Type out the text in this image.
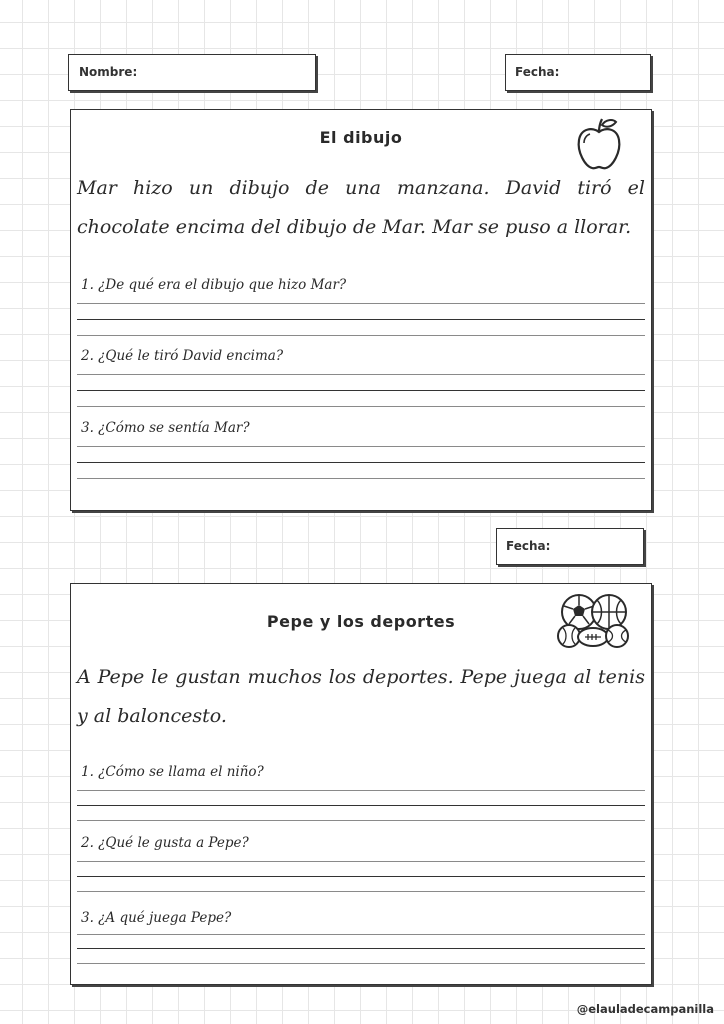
Nombre:	Fecha:
El dibujo
Mar hizo un dibujo de una manzana. David tiró el chocolate encima del dibujo de Mar. Mar se puso a llorar.
1. ¿De qué era el dibujo que hizo Mar?
2. ¿Qué le tiró David encima?
3. ¿Cómo se sentía Mar?
Fecha:
Pepe y los deportes
A Pepe le gustan muchos los deportes. Pepe juega al tenis y al baloncesto.
1. ¿Cómo se llama el niño?
2. ¿Qué le gusta a Pepe?
3. ¿A qué juega Pepe?
@elauladecampanilla
